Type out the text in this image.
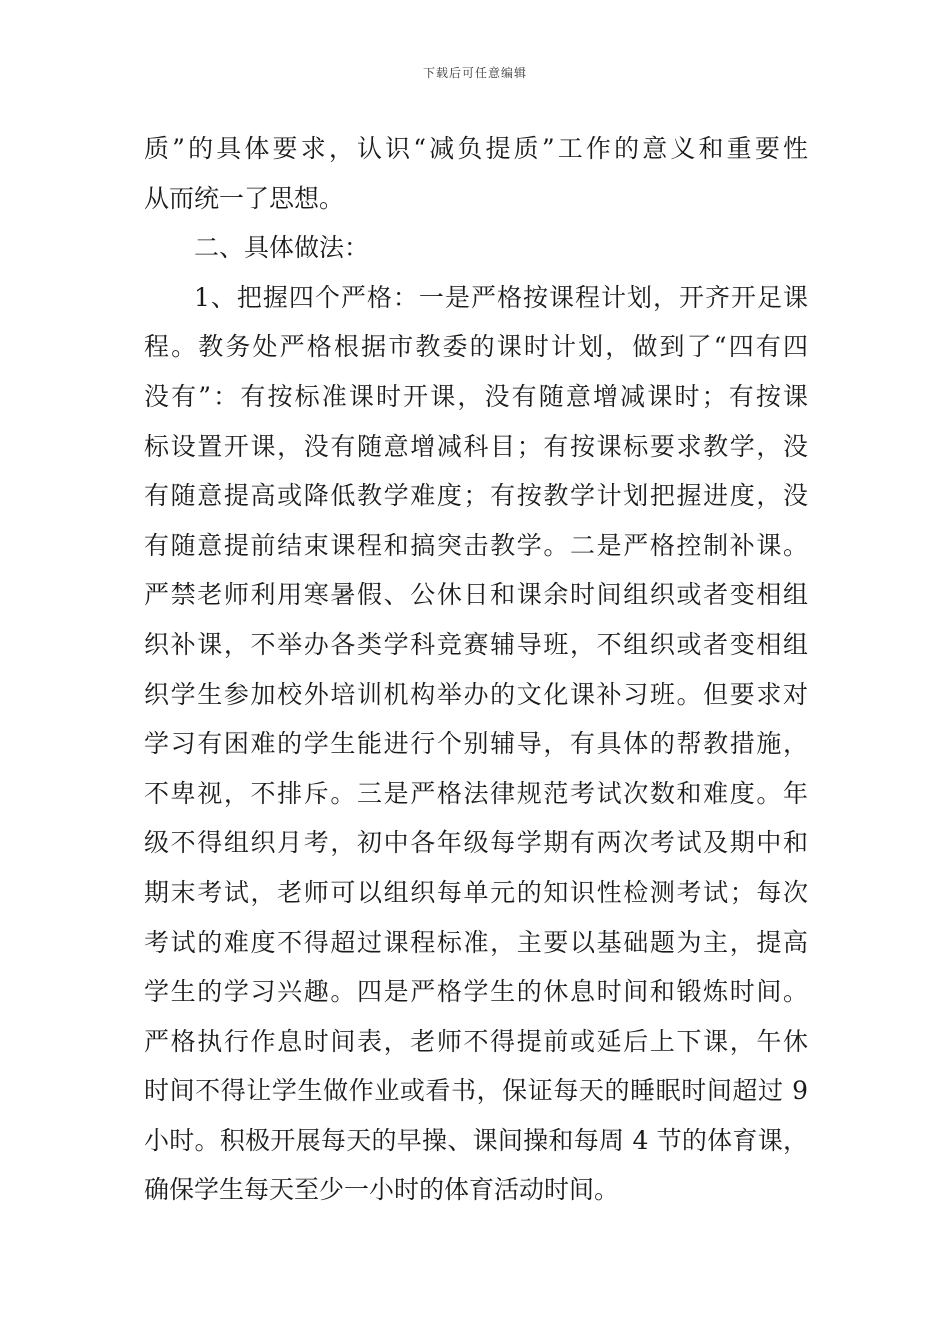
下载后可任意编辑
质”的具体要求，认识“减负提质”工作的意义和重要性
从而统一了思想。
二、具体做法：
1、把握四个严格：一是严格按课程计划，开齐开足课
程。教务处严格根据市教委的课时计划，做到了“四有四
没有”：有按标准课时开课，没有随意增减课时；有按课
标设置开课，没有随意增减科目；有按课标要求教学，没
有随意提高或降低教学难度；有按教学计划把握进度，没
有随意提前结束课程和搞突击教学。二是严格控制补课。
严禁老师利用寒暑假、公休日和课余时间组织或者变相组
织补课，不举办各类学科竞赛辅导班，不组织或者变相组
织学生参加校外培训机构举办的文化课补习班。但要求对
学习有困难的学生能进行个别辅导，有具体的帮教措施，
不卑视，不排斥。三是严格法律规范考试次数和难度。年
级不得组织月考，初中各年级每学期有两次考试及期中和
期末考试，老师可以组织每单元的知识性检测考试；每次
考试的难度不得超过课程标准，主要以基础题为主，提高
学生的学习兴趣。四是严格学生的休息时间和锻炼时间。
严格执行作息时间表，老师不得提前或延后上下课，午休
时间不得让学生做作业或看书，保证每天的睡眠时间超过 9
小时。积极开展每天的早操、课间操和每周 4 节的体育课，
确保学生每天至少一小时的体育活动时间。
